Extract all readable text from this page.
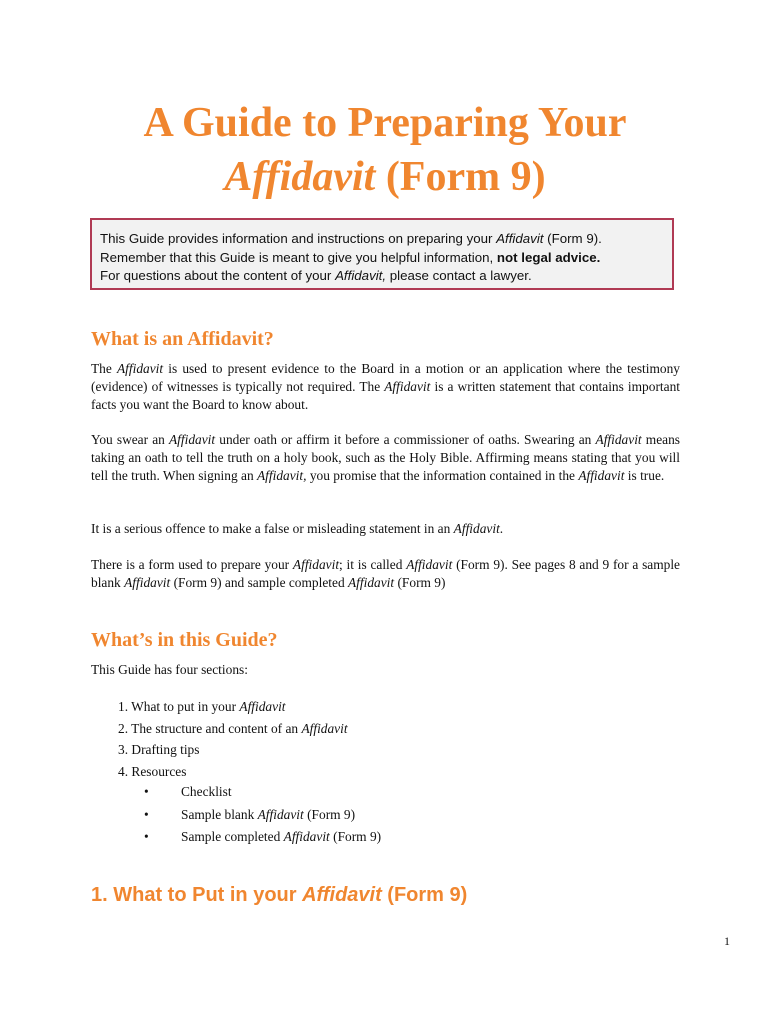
A Guide to Preparing Your
Affidavit (Form 9)
This Guide provides information and instructions on preparing your Affidavit (Form 9).
Remember that this Guide is meant to give you helpful information, not legal advice.
For questions about the content of your Affidavit, please contact a lawyer.
What is an Affidavit?

The Affidavit is used to present evidence to the Board in a motion or an application where the testimony (evidence) of witnesses is typically not required. The Affidavit is a written statement that contains important facts you want the Board to know about.

You swear an Affidavit under oath or affirm it before a commissioner of oaths. Swearing an Affidavit means taking an oath to tell the truth on a holy book, such as the Holy Bible. Affirming means stating that you will tell the truth. When signing an Affidavit, you promise that the information contained in the Affidavit is true.

It is a serious offence to make a false or misleading statement in an Affidavit.

There is a form used to prepare your Affidavit; it is called Affidavit (Form 9). See pages 8 and 9 for a sample blank Affidavit (Form 9) and sample completed Affidavit (Form 9)

What’s in this Guide?

This Guide has four sections:

1. What to put in your Affidavit
2. The structure and content of an Affidavit
3. Drafting tips
4. Resources
• Checklist
• Sample blank Affidavit (Form 9)
• Sample completed Affidavit (Form 9)
1. What to Put in your Affidavit (Form 9)
1
